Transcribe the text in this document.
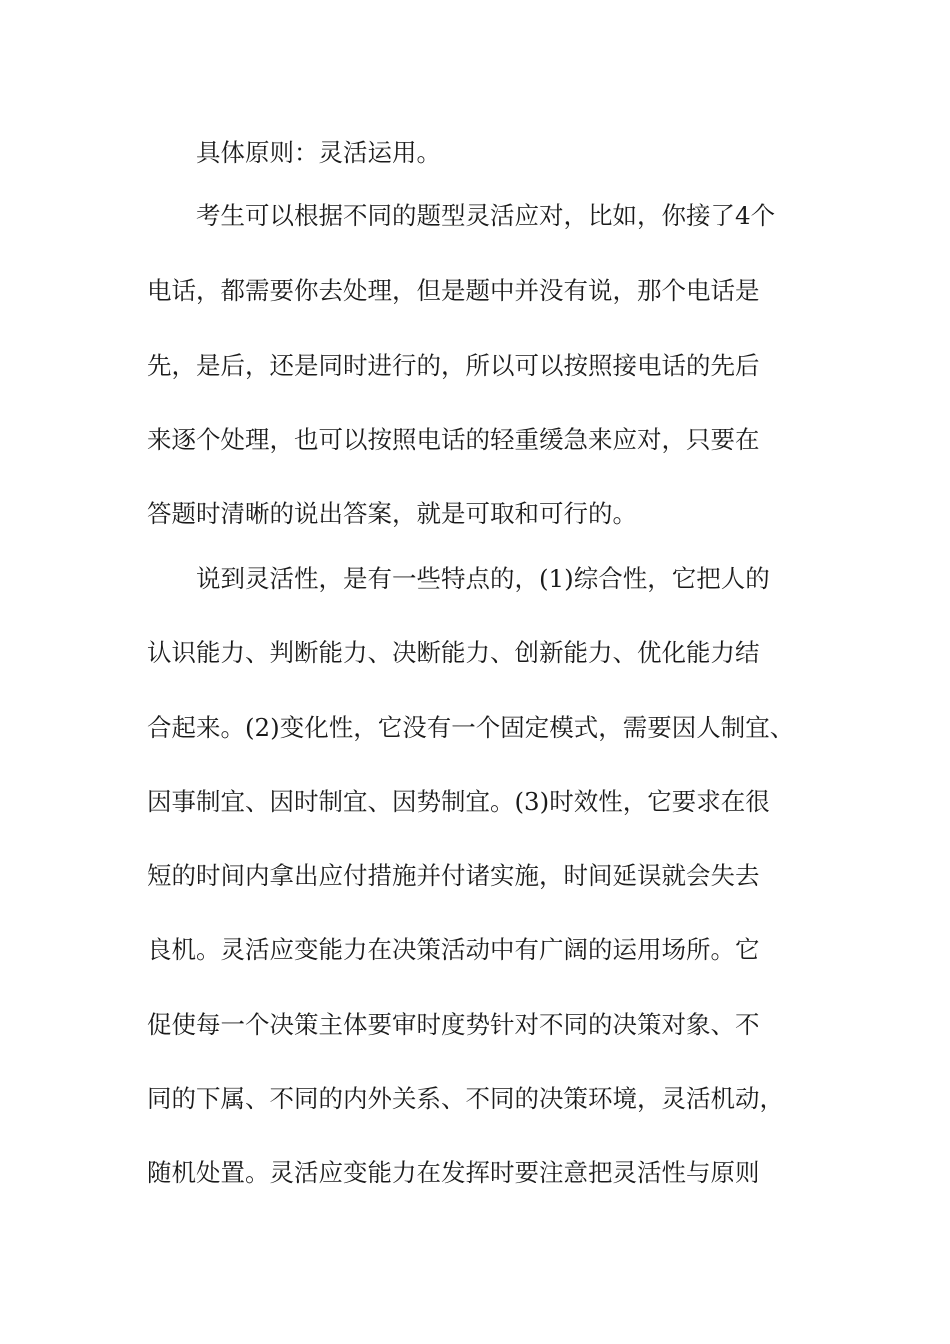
具体原则：灵活运用。
考生可以根据不同的题型灵活应对，比如，你接了4个
电话，都需要你去处理，但是题中并没有说，那个电话是
先，是后，还是同时进行的，所以可以按照接电话的先后
来逐个处理，也可以按照电话的轻重缓急来应对，只要在
答题时清晰的说出答案，就是可取和可行的。
说到灵活性，是有一些特点的，(1)综合性，它把人的
认识能力、判断能力、决断能力、创新能力、优化能力结
合起来。(2)变化性，它没有一个固定模式，需要因人制宜、
因事制宜、因时制宜、因势制宜。(3)时效性，它要求在很
短的时间内拿出应付措施并付诸实施，时间延误就会失去
良机。灵活应变能力在决策活动中有广阔的运用场所。它
促使每一个决策主体要审时度势针对不同的决策对象、不
同的下属、不同的内外关系、不同的决策环境，灵活机动，
随机处置。灵活应变能力在发挥时要注意把灵活性与原则
